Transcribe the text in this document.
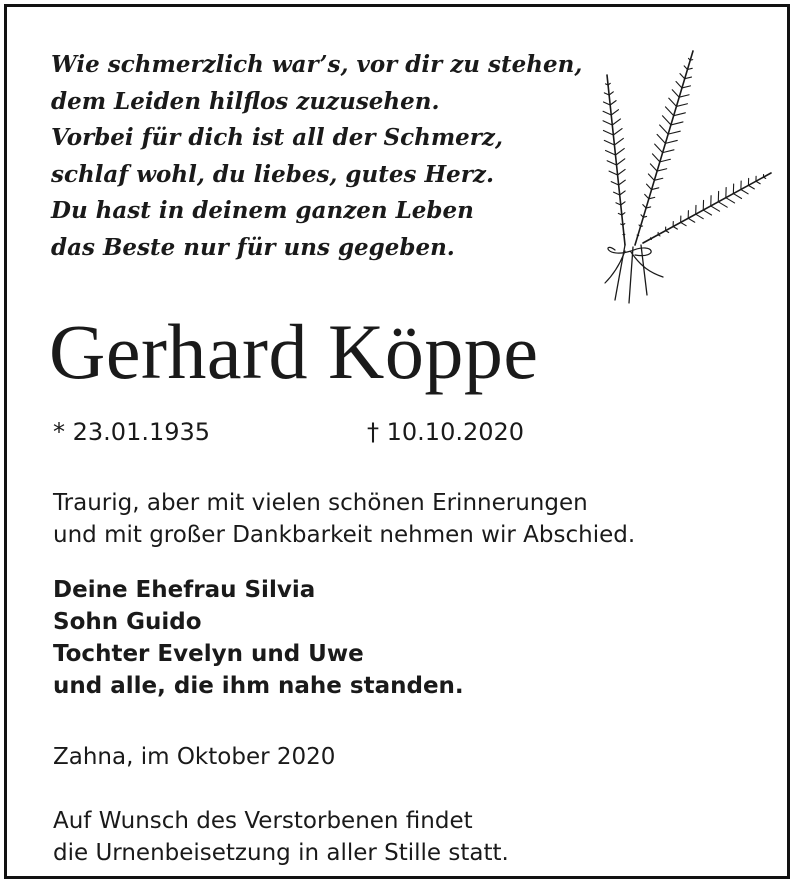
Wie schmerzlich war’s, vor dir zu stehen,
dem Leiden hilflos zuzusehen.
Vorbei für dich ist all der Schmerz,
schlaf wohl, du liebes, gutes Herz.
Du hast in deinem ganzen Leben
das Beste nur für uns gegeben.
Gerhard Köppe
* 23.01.1935	† 10.10.2020
Traurig, aber mit vielen schönen Erinnerungen
und mit großer Dankbarkeit nehmen wir Abschied.
Deine Ehefrau Silvia
Sohn Guido
Tochter Evelyn und Uwe
und alle, die ihm nahe standen.
Zahna, im Oktober 2020
Auf Wunsch des Verstorbenen findet
die Urnenbeisetzung in aller Stille statt.
